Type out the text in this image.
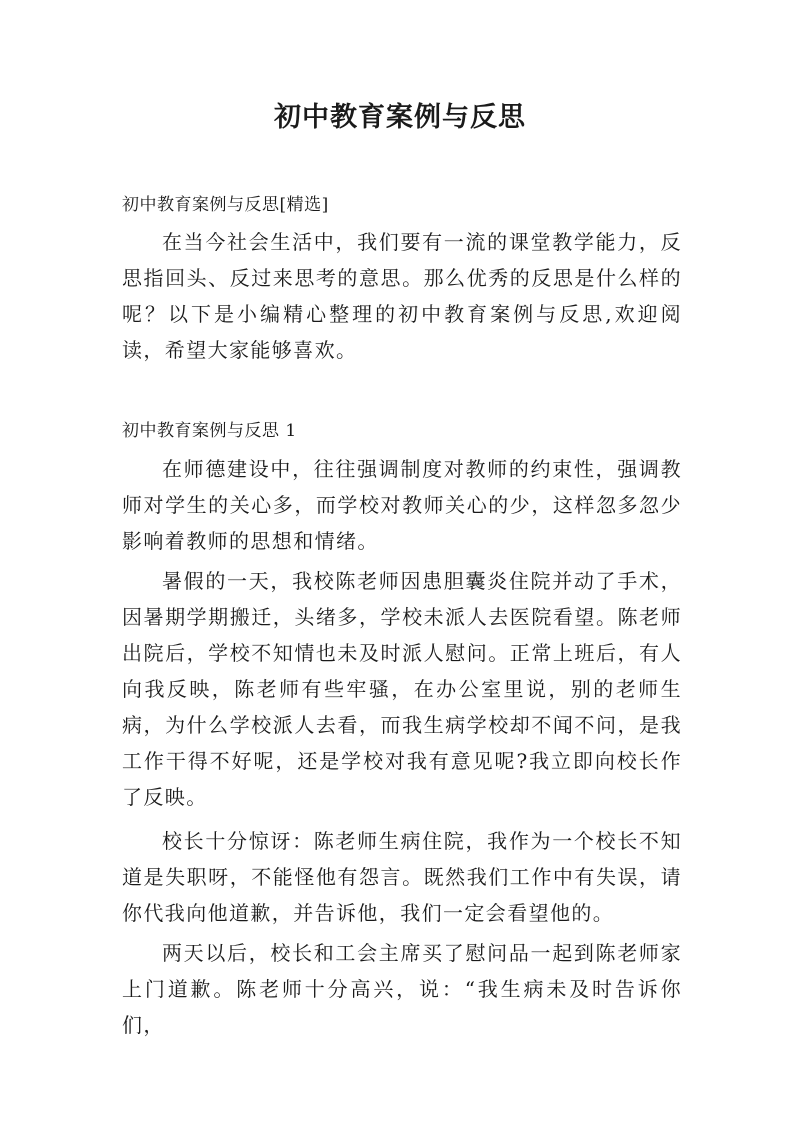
初中教育案例与反思
初中教育案例与反思[精选]

在当今社会生活中，我们要有一流的课堂教学能力，反思指回头、反过来思考的意思。那么优秀的反思是什么样的呢？以下是小编精心整理的初中教育案例与反思,欢迎阅读，希望大家能够喜欢。

初中教育案例与反思 1

在师德建设中，往往强调制度对教师的约束性，强调教师对学生的关心多，而学校对教师关心的少，这样忽多忽少影响着教师的思想和情绪。

暑假的一天，我校陈老师因患胆囊炎住院并动了手术，因暑期学期搬迁，头绪多，学校未派人去医院看望。陈老师出院后，学校不知情也未及时派人慰问。正常上班后，有人向我反映，陈老师有些牢骚，在办公室里说，别的老师生病，为什么学校派人去看，而我生病学校却不闻不问，是我工作干得不好呢，还是学校对我有意见呢?我立即向校长作了反映。

校长十分惊讶：陈老师生病住院，我作为一个校长不知道是失职呀，不能怪他有怨言。既然我们工作中有失误，请你代我向他道歉，并告诉他，我们一定会看望他的。

两天以后，校长和工会主席买了慰问品一起到陈老师家上门道歉。陈老师十分高兴，说：“我生病未及时告诉你们，
